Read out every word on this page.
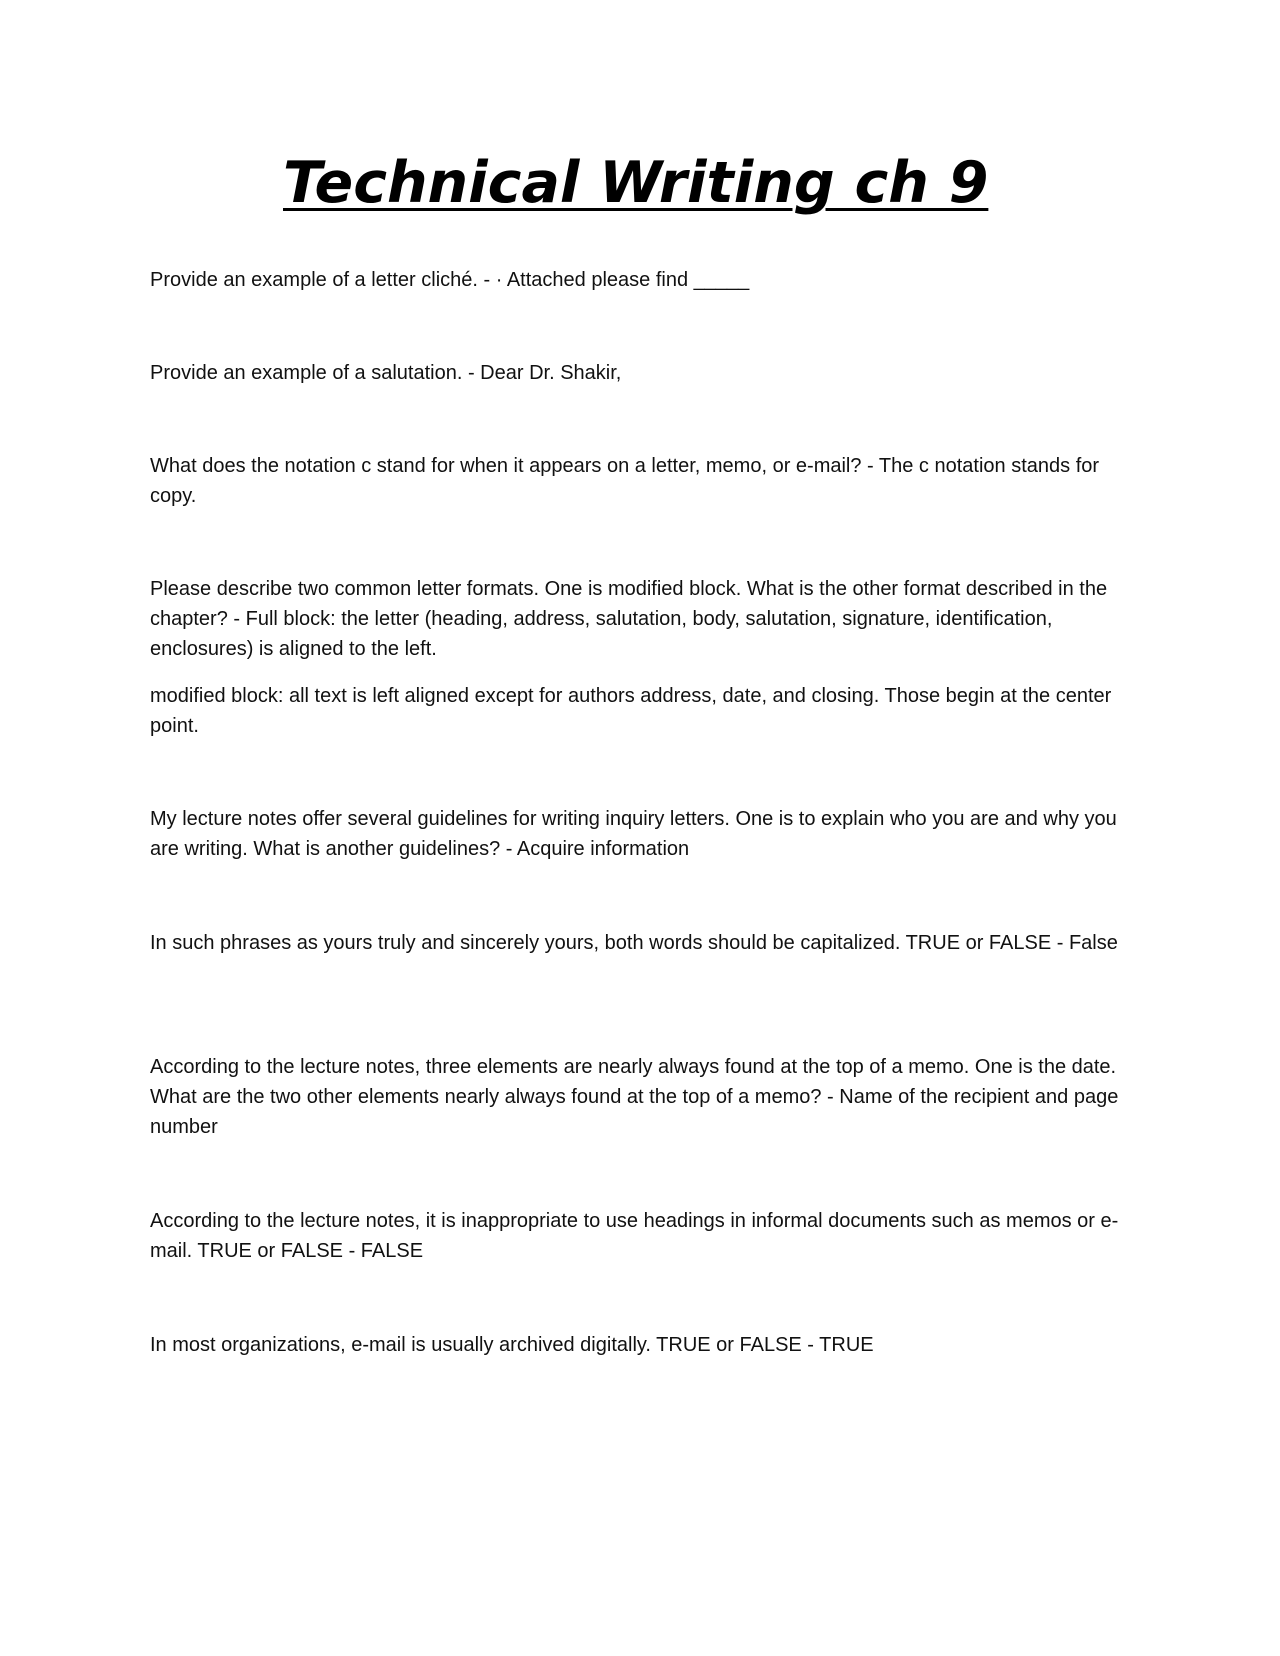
Technical Writing ch 9

Provide an example of a letter cliché. - · Attached please find _____

Provide an example of a salutation. - Dear Dr. Shakir,

What does the notation c stand for when it appears on a letter, memo, or e-mail? - The c notation stands for copy.

Please describe two common letter formats. One is modified block. What is the other format described in the chapter? - Full block: the letter (heading, address, salutation, body, salutation, signature, identification, enclosures) is aligned to the left.

modified block: all text is left aligned except for authors address, date, and closing. Those begin at the center point.

My lecture notes offer several guidelines for writing inquiry letters. One is to explain who you are and why you are writing. What is another guidelines? - Acquire information

In such phrases as yours truly and sincerely yours, both words should be capitalized. TRUE or FALSE - False

According to the lecture notes, three elements are nearly always found at the top of a memo. One is the date. What are the two other elements nearly always found at the top of a memo? - Name of the recipient and page number

According to the lecture notes, it is inappropriate to use headings in informal documents such as memos or e-mail. TRUE or FALSE - FALSE

In most organizations, e-mail is usually archived digitally. TRUE or FALSE - TRUE
